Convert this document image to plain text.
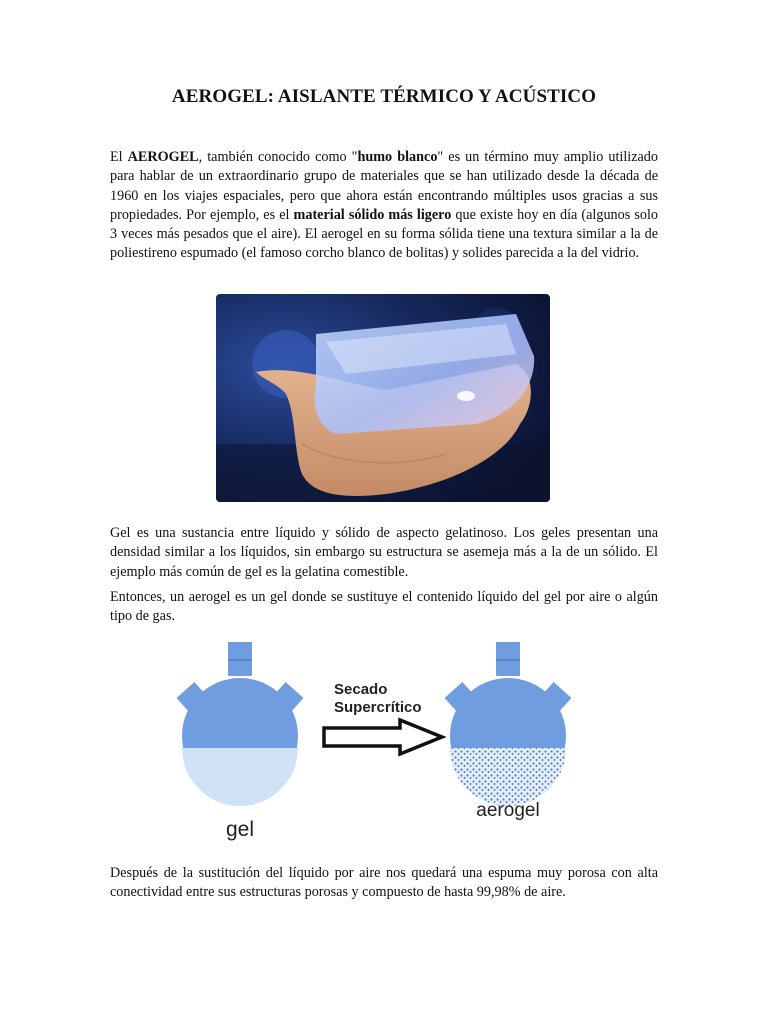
AEROGEL: AISLANTE TÉRMICO Y ACÚSTICO

El AEROGEL, también conocido como "humo blanco" es un término muy amplio utilizado para hablar de un extraordinario grupo de materiales que se han utilizado desde la década de 1960 en los viajes espaciales, pero que ahora están encontrando múltiples usos gracias a sus propiedades. Por ejemplo, es el material sólido más ligero que existe hoy en día (algunos solo 3 veces más pesados que el aire). El aerogel en su forma sólida tiene una textura similar a la de poliestireno espumado (el famoso corcho blanco de bolitas) y solides parecida a la del vidrio.

Gel es una sustancia entre líquido y sólido de aspecto gelatinoso. Los geles presentan una densidad similar a los líquidos, sin embargo su estructura se asemeja más a la de un sólido. El ejemplo más común de gel es la gelatina comestible.

Entonces, un aerogel es un gel donde se sustituye el contenido líquido del gel por aire o algún tipo de gas.

gel
Secado
Supercrítico
aerogel

Después de la sustitución del líquido por aire nos quedará una espuma muy porosa con alta conectividad entre sus estructuras porosas y compuesto de hasta 99,98% de aire.
